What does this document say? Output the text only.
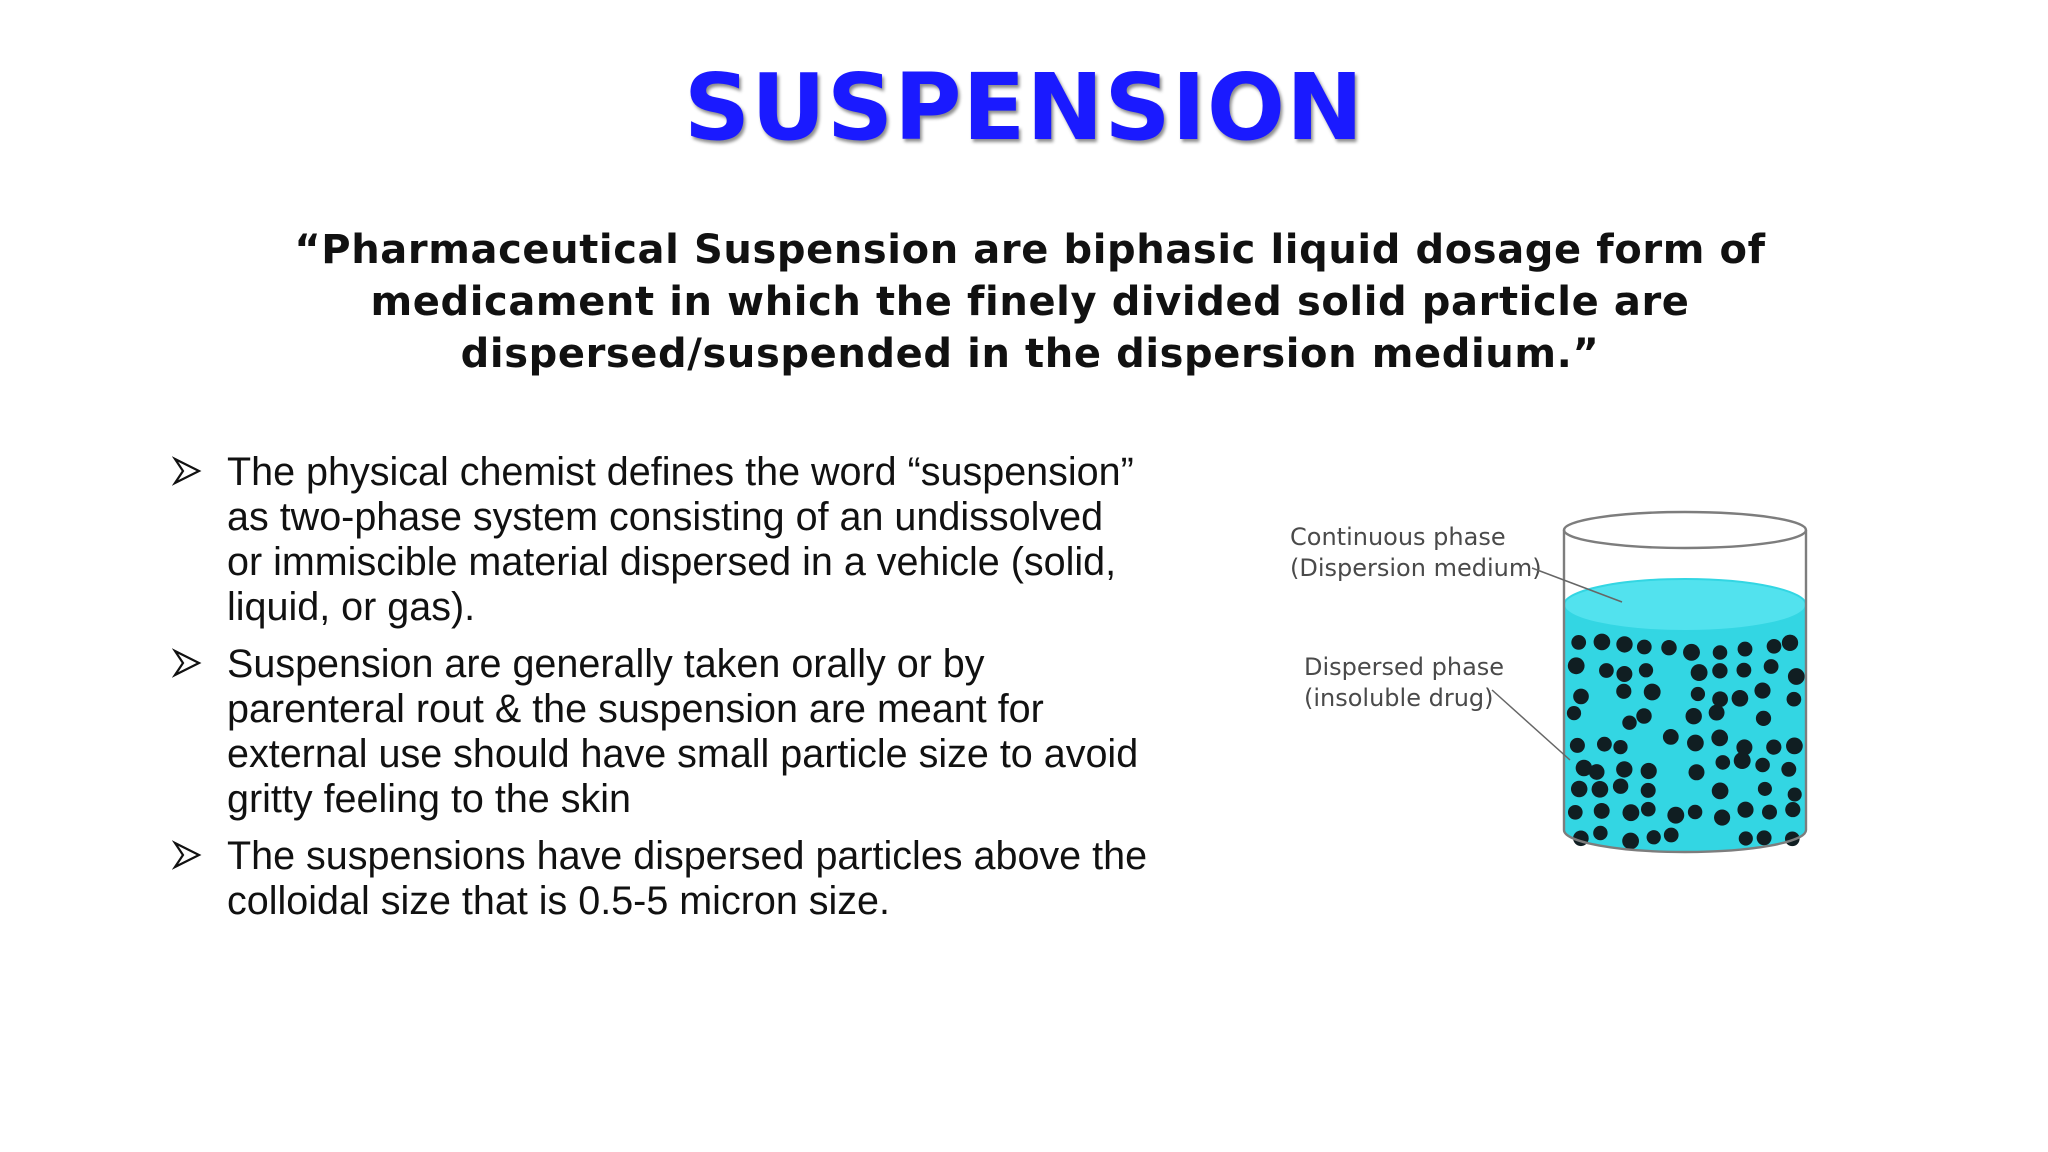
SUSPENSION
“Pharmaceutical Suspension are biphasic liquid dosage form of
medicament in which the finely divided solid particle are
dispersed/suspended in the dispersion medium.”
The physical chemist defines the word “suspension”
as two-phase system consisting of an undissolved
or immiscible material dispersed in a vehicle (solid,
liquid, or gas).
Suspension are generally taken orally or by
parenteral rout & the suspension are meant for
external use should have small particle size to avoid
gritty feeling to the skin
The suspensions have dispersed particles above the
colloidal size that is 0.5-5 micron size.
Continuous phase
(Dispersion medium)
Dispersed phase
(insoluble drug)
